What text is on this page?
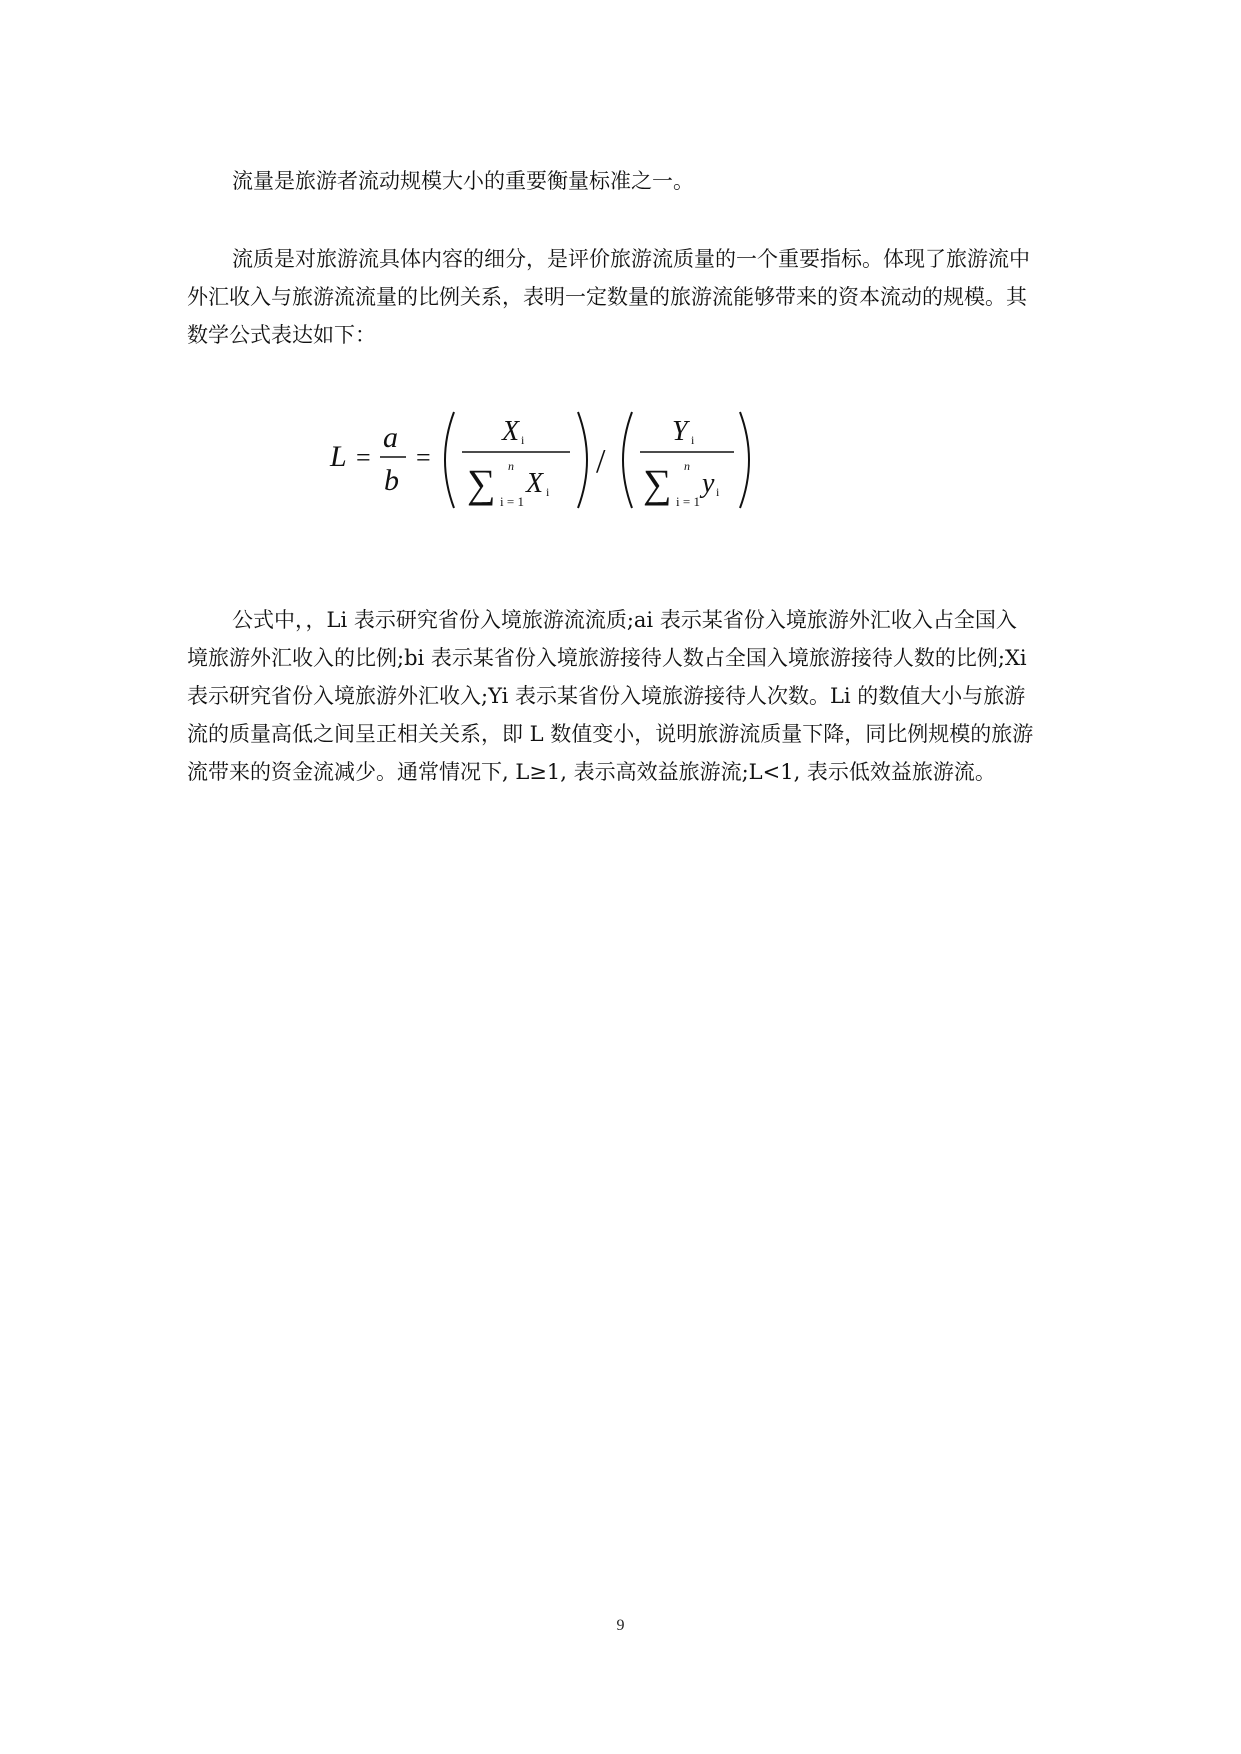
流量是旅游者流动规模大小的重要衡量标准之一。
流质是对旅游流具体内容的细分，是评价旅游流质量的一个重要指标。体现了旅游流中
外汇收入与旅游流流量的比例关系，表明一定数量的旅游流能够带来的资本流动的规模。其
数学公式表达如下：
L =
a
b
=
X i
∑ n
i = 1
X i
/
Y i
∑ n
i = 1
y i
公式中，，Li 表示研究省份入境旅游流流质;ai 表示某省份入境旅游外汇收入占全国入
境旅游外汇收入的比例;bi 表示某省份入境旅游接待人数占全国入境旅游接待人数的比例;Xi
表示研究省份入境旅游外汇收入;Yi 表示某省份入境旅游接待人次数。Li 的数值大小与旅游
流的质量高低之间呈正相关关系，即 L 数值变小，说明旅游流质量下降，同比例规模的旅游
流带来的资金流减少。通常情况下, L≥1, 表示高效益旅游流;L<1, 表示低效益旅游流。
9
